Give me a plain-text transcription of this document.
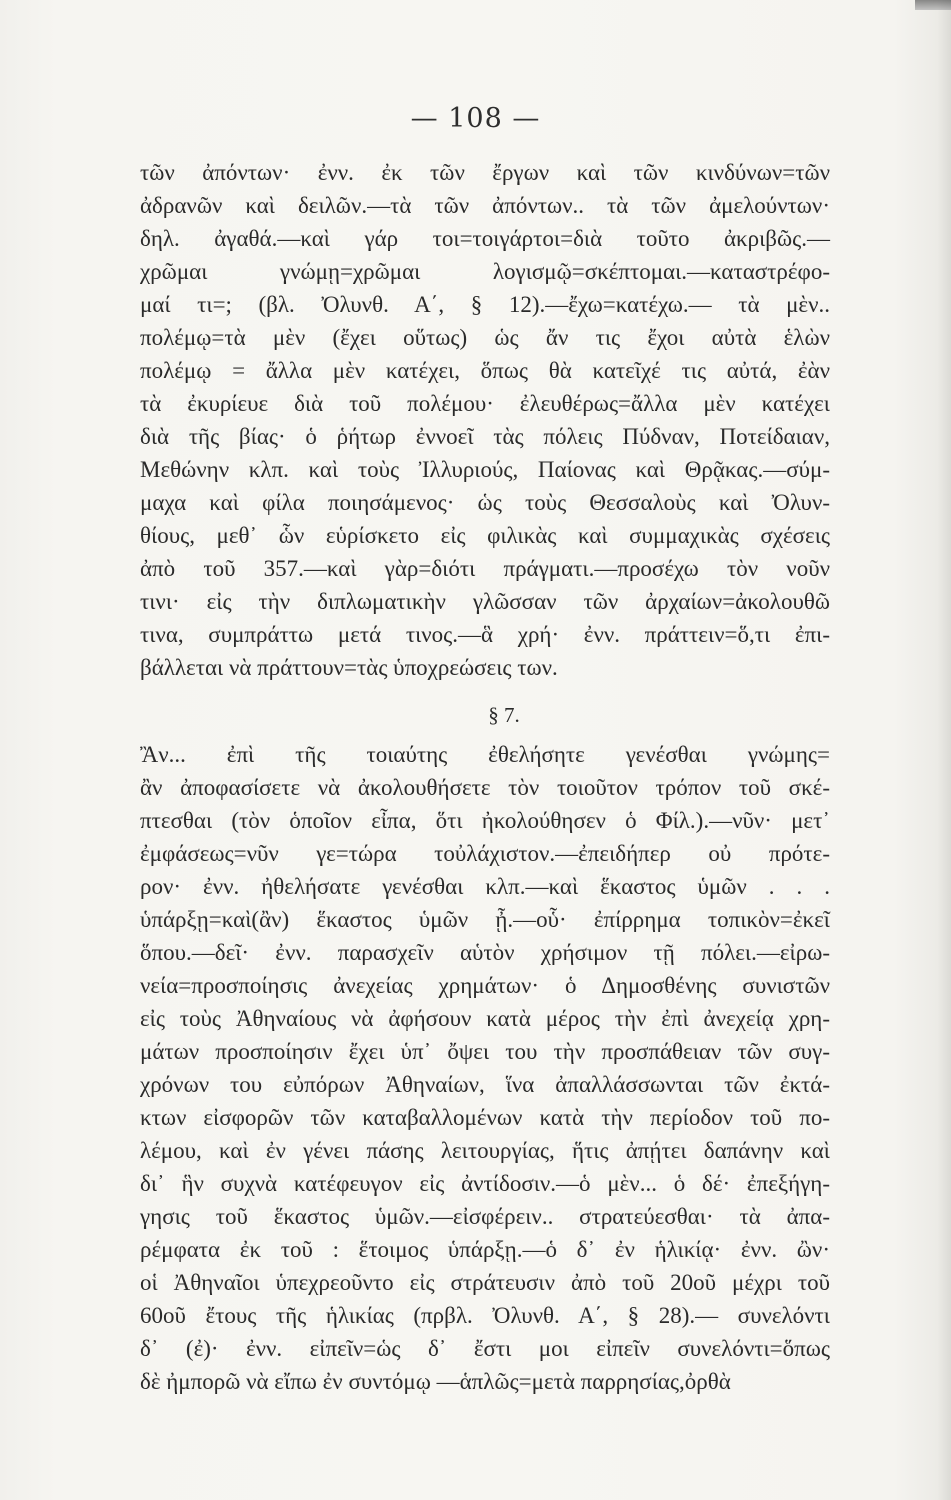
— 108 —
τῶν ἀπόντων· ἐνν. ἐκ τῶν ἔργων καὶ τῶν κινδύνων=τῶν
ἀδρανῶν καὶ δειλῶν.—τὰ τῶν ἀπόντων.. τὰ τῶν ἀμελούντων·
δηλ. ἀγαθά.—καὶ γάρ τοι=τοιγάρτοι=διὰ τοῦτο ἀκριβῶς.—
χρῶμαι γνώμῃ=χρῶμαι λογισμῷ=σκέπτομαι.—καταστρέφο-
μαί τι=; (βλ. Ὀλυνθ. Α΄, § 12).—ἔχω=κατέχω.— τὰ μὲν..
πολέμῳ=τὰ μὲν (ἔχει οὕτως) ὡς ἄν τις ἔχοι αὐτὰ ἑλὼν
πολέμῳ = ἄλλα μὲν κατέχει, ὅπως θὰ κατεῖχέ τις αὐτά, ἐὰν
τὰ ἐκυρίευε διὰ τοῦ πολέμου· ἐλευθέρως=ἄλλα μὲν κατέχει
διὰ τῆς βίας· ὁ ῥήτωρ ἐννοεῖ τὰς πόλεις Πύδναν, Ποτείδαιαν,
Μεθώνην κλπ. καὶ τοὺς Ἰλλυριούς, Παίονας καὶ Θρᾷκας.—σύμ-
μαχα καὶ φίλα ποιησάμενος· ὡς τοὺς Θεσσαλοὺς καὶ Ὀλυν-
θίους, μεθ᾽ ὧν εὑρίσκετο εἰς φιλικὰς καὶ συμμαχικὰς σχέσεις
ἀπὸ τοῦ 357.—καὶ γὰρ=διότι πράγματι.—προσέχω τὸν νοῦν
τινι· εἰς τὴν διπλωματικὴν γλῶσσαν τῶν ἀρχαίων=ἀκολουθῶ
τινα, συμπράττω μετά τινος.—ἃ χρή· ἐνν. πράττειν=ὅ,τι ἐπι-
βάλλεται νὰ πράττουν=τὰς ὑποχρεώσεις των.
§ 7.
Ἂν... ἐπὶ τῆς τοιαύτης ἐθελήσητε γενέσθαι γνώμης=
ἂν ἀποφασίσετε νὰ ἀκολουθήσετε τὸν τοιοῦτον τρόπον τοῦ σκέ-
πτεσθαι (τὸν ὁποῖον εἶπα, ὅτι ἠκολούθησεν ὁ Φίλ.).—νῦν· μετ᾽
ἐμφάσεως=νῦν γε=τώρα τοὐλάχιστον.—ἐπειδήπερ οὐ πρότε-
ρον· ἐνν. ἠθελήσατε γενέσθαι κλπ.—καὶ ἕκαστος ὑμῶν . . .
ὑπάρξῃ=καὶ(ἂν) ἕκαστος ὑμῶν ᾖ.—οὗ· ἐπίρρημα τοπικὸν=ἐκεῖ
ὅπου.—δεῖ· ἐνν. παρασχεῖν αὑτὸν χρήσιμον τῇ πόλει.—εἰρω-
νεία=προσποίησις ἀνεχείας χρημάτων· ὁ Δημοσθένης συνιστῶν
εἰς τοὺς Ἀθηναίους νὰ ἀφήσουν κατὰ μέρος τὴν ἐπὶ ἀνεχείᾳ χρη-
μάτων προσποίησιν ἔχει ὑπ᾽ ὄψει του τὴν προσπάθειαν τῶν συγ-
χρόνων του εὐπόρων Ἀθηναίων, ἵνα ἀπαλλάσσωνται τῶν ἐκτά-
κτων εἰσφορῶν τῶν καταβαλλομένων κατὰ τὴν περίοδον τοῦ πο-
λέμου, καὶ ἐν γένει πάσης λειτουργίας, ἥτις ἀπῄτει δαπάνην καὶ
δι᾽ ἣν συχνὰ κατέφευγον εἰς ἀντίδοσιν.—ὁ μὲν... ὁ δέ· ἐπεξήγη-
γησις τοῦ ἕκαστος ὑμῶν.—εἰσφέρειν.. στρατεύεσθαι· τὰ ἀπα-
ρέμφατα ἐκ τοῦ : ἕτοιμος ὑπάρξῃ.—ὁ δ᾽ ἐν ἡλικίᾳ· ἐνν. ὢν·
οἱ Ἀθηναῖοι ὑπεχρεοῦντο εἰς στράτευσιν ἀπὸ τοῦ 20οῦ μέχρι τοῦ
60οῦ ἔτους τῆς ἡλικίας (πρβλ. Ὀλυνθ. Α΄, § 28).— συνελόντι
δ᾽ (ἐ)· ἐνν. εἰπεῖν=ὡς δ᾽ ἔστι μοι εἰπεῖν συνελόντι=ὅπως
δὲ ἠμπορῶ νὰ εἴπω ἐν συντόμῳ —ἁπλῶς=μετὰ παρρησίας,ὀρθὰ
